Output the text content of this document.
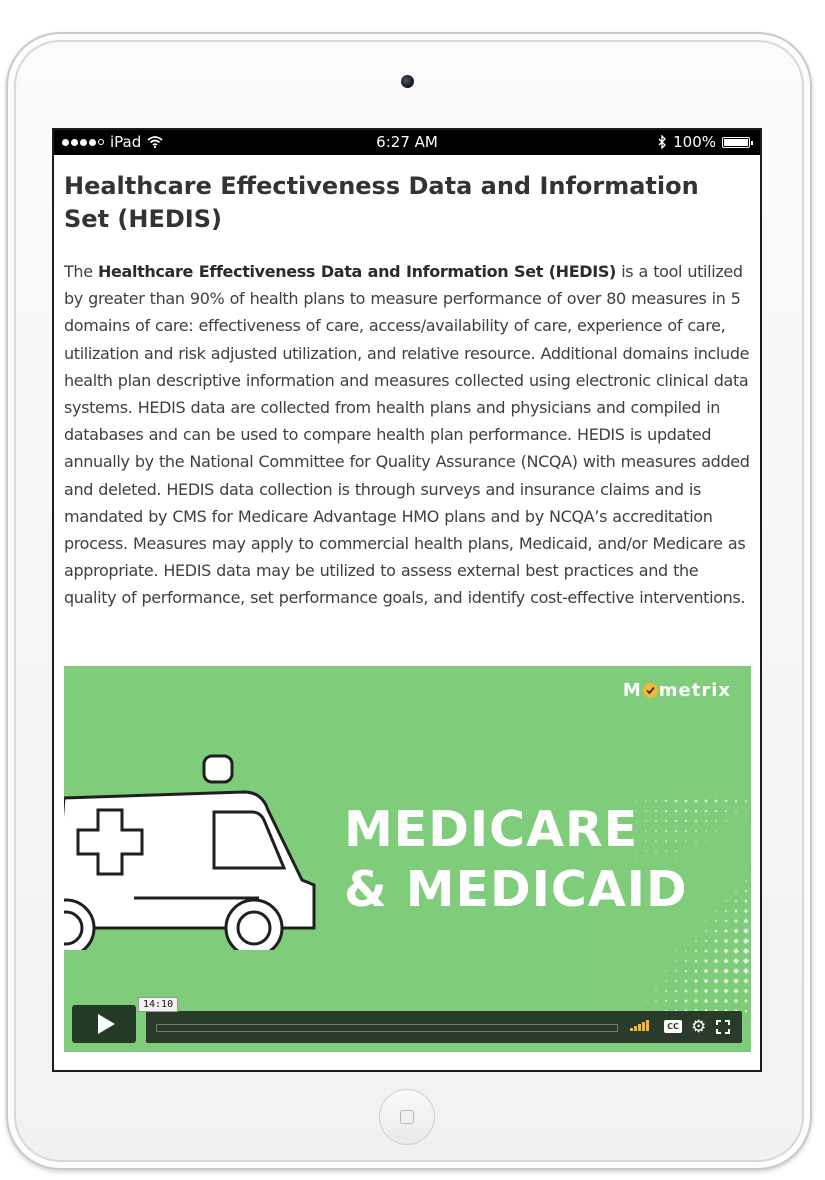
iPad	6:27 AM	100%
Healthcare Effectiveness Data and Information Set (HEDIS)

The Healthcare Effectiveness Data and Information Set (HEDIS) is a tool utilized by greater than 90% of health plans to measure performance of over 80 measures in 5 domains of care: effectiveness of care, access/availability of care, experience of care, utilization and risk adjusted utilization, and relative resource. Additional domains include health plan descriptive information and measures collected using electronic clinical data systems. HEDIS data are collected from health plans and physicians and compiled in databases and can be used to compare health plan performance. HEDIS is updated annually by the National Committee for Quality Assurance (NCQA) with measures added and deleted. HEDIS data collection is through surveys and insurance claims and is mandated by CMS for Medicare Advantage HMO plans and by NCQA’s accreditation process. Measures may apply to commercial health plans, Medicaid, and/or Medicare as appropriate. HEDIS data may be utilized to assess external best practices and the quality of performance, set performance goals, and identify cost-effective interventions.

M metrix
MEDICARE
& MEDICAID
CC ⚙
14:10
